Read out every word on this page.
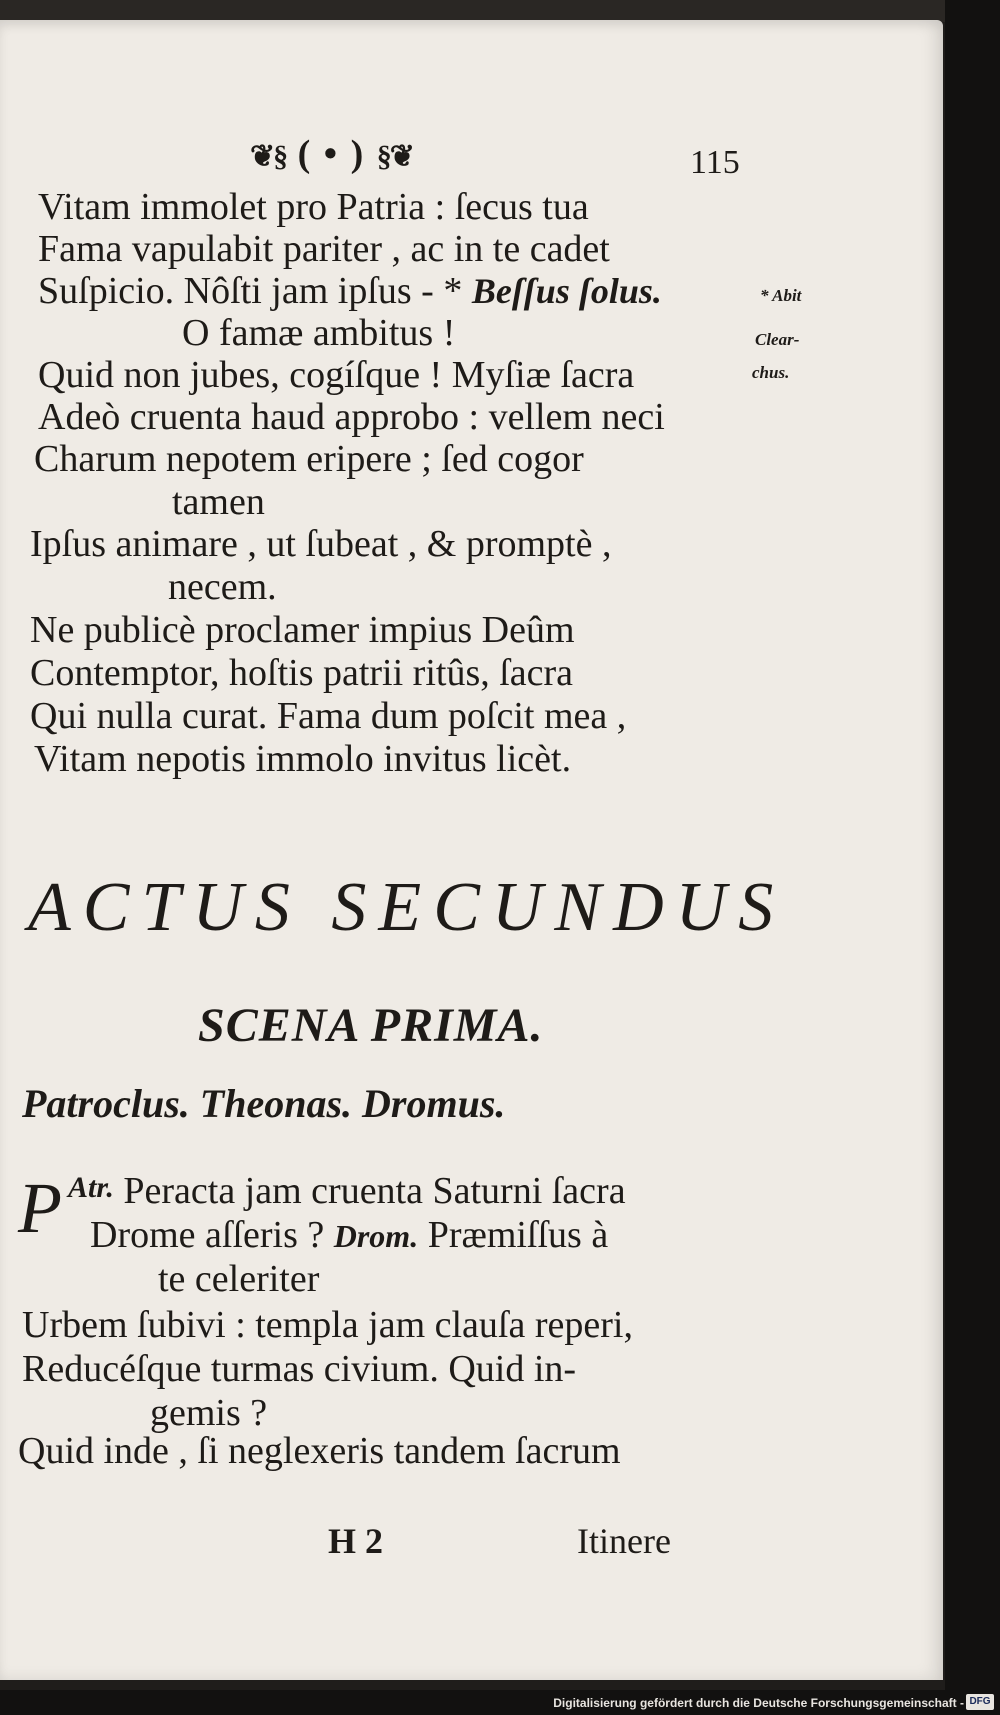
❦§ ( • ) §❦	115
Vitam immolet pro Patria : ſecus tua
Fama vapulabit pariter , ac in te cadet
Suſpicio. Nôſti jam ipſus - * Beſſus ſolus.
O famæ ambitus !
Quid non jubes, cogíſque ! Myſiæ ſacra
Adeò cruenta haud approbo : vellem neci
Charum nepotem eripere ; ſed cogor
tamen
Ipſus animare , ut ſubeat , & promptè ,
necem.
Ne publicè proclamer impius Deûm
Contemptor, hoſtis patrii ritûs, ſacra
Qui nulla curat. Fama dum poſcit mea ,
Vitam nepotis immolo invitus licèt.
* Abit
Clear-
chus.
ACTUS SECUNDUS
SCENA PRIMA.
Patroclus. Theonas. Dromus.
P Atr. Peracta jam cruenta Saturni ſacra
Drome aſſeris ? Drom. Præmiſſus à
te celeriter
Urbem ſubivi : templa jam clauſa reperi,
Reducéſque turmas civium. Quid in-
gemis ?
Quid inde , ſi neglexeris tandem ſacrum
H 2	Itinere
Digitalisierung gefördert durch die Deutsche Forschungsgemeinschaft - DFG
